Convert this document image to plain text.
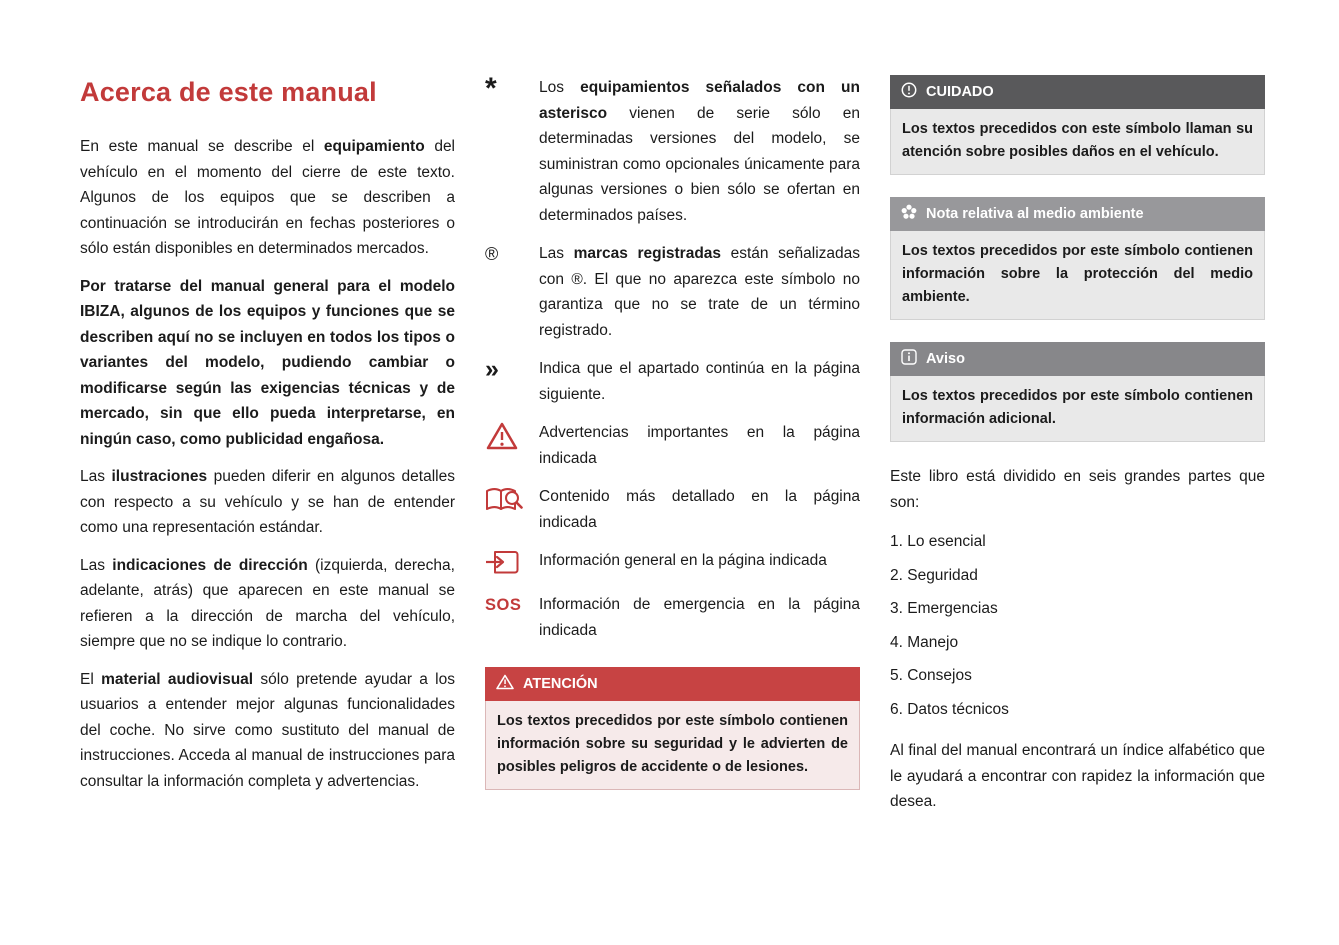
Acerca de este manual

En este manual se describe el equipamiento del vehículo en el momento del cierre de este texto. Algunos de los equipos que se describen a continuación se introducirán en fechas posteriores o sólo están disponibles en determinados mercados.

Por tratarse del manual general para el modelo IBIZA, algunos de los equipos y funciones que se describen aquí no se incluyen en todos los tipos o variantes del modelo, pudiendo cambiar o modificarse según las exigencias técnicas y de mercado, sin que ello pueda interpretarse, en ningún caso, como publicidad engañosa.

Las ilustraciones pueden diferir en algunos detalles con respecto a su vehículo y se han de entender como una representación estándar.

Las indicaciones de dirección (izquierda, derecha, adelante, atrás) que aparecen en este manual se refieren a la dirección de marcha del vehículo, siempre que no se indique lo contrario.

El material audiovisual sólo pretende ayudar a los usuarios a entender mejor algunas funcionalidades del coche. No sirve como sustituto del manual de instrucciones. Acceda al manual de instrucciones para consultar la información completa y advertencias.

*	Los equipamientos señalados con un asterisco vienen de serie sólo en determinadas versiones del modelo, se suministran como opcionales únicamente para algunas versiones o bien sólo se ofertan en determinados países.
®	Las marcas registradas están señalizadas con ®. El que no aparezca este símbolo no garantiza que no se trate de un término registrado.
»	Indica que el apartado continúa en la página siguiente.
Advertencias importantes en la página indicada
Contenido más detallado en la página indicada
Información general en la página indicada
SOS	Información de emergencia en la página indicada
ATENCIÓN
Los textos precedidos por este símbolo contienen información sobre su seguridad y le advierten de posibles peligros de accidente o de lesiones.
CUIDADO
Los textos precedidos con este símbolo llaman su atención sobre posibles daños en el vehículo.
Nota relativa al medio ambiente
Los textos precedidos por este símbolo contienen información sobre la protección del medio ambiente.
Aviso
Los textos precedidos por este símbolo contienen información adicional.

Este libro está dividido en seis grandes partes que son:

1. Lo esencial
2. Seguridad
3. Emergencias
4. Manejo
5. Consejos
6. Datos técnicos

Al final del manual encontrará un índice alfabético que le ayudará a encontrar con rapidez la información que desea.
